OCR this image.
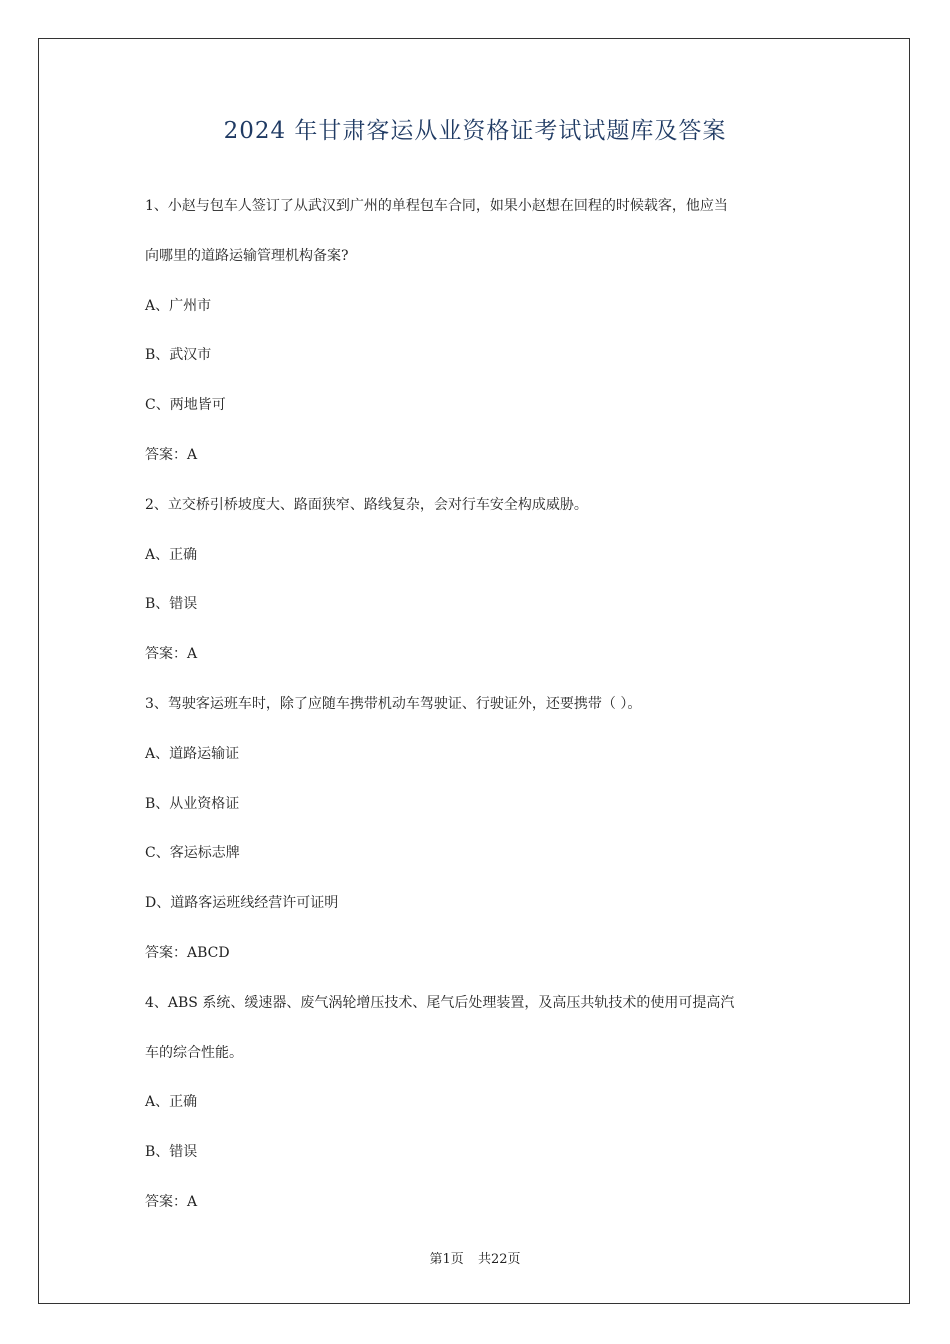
2024 年甘肃客运从业资格证考试试题库及答案
1、小赵与包车人签订了从武汉到广州的单程包车合同，如果小赵想在回程的时候载客，他应当
向哪里的道路运输管理机构备案?
A、广州市
B、武汉市
C、两地皆可
答案：A
2、立交桥引桥坡度大、路面狭窄、路线复杂，会对行车安全构成威胁。
A、正确
B、错误
答案：A
3、驾驶客运班车时，除了应随车携带机动车驾驶证、行驶证外，还要携带（ ）。
A、道路运输证
B、从业资格证
C、客运标志牌
D、道路客运班线经营许可证明
答案：ABCD
4、ABS 系统、缓速器、废气涡轮增压技术、尾气后处理装置，及高压共轨技术的使用可提高汽
车的综合性能。
A、正确
B、错误
答案：A
第1页 共22页
